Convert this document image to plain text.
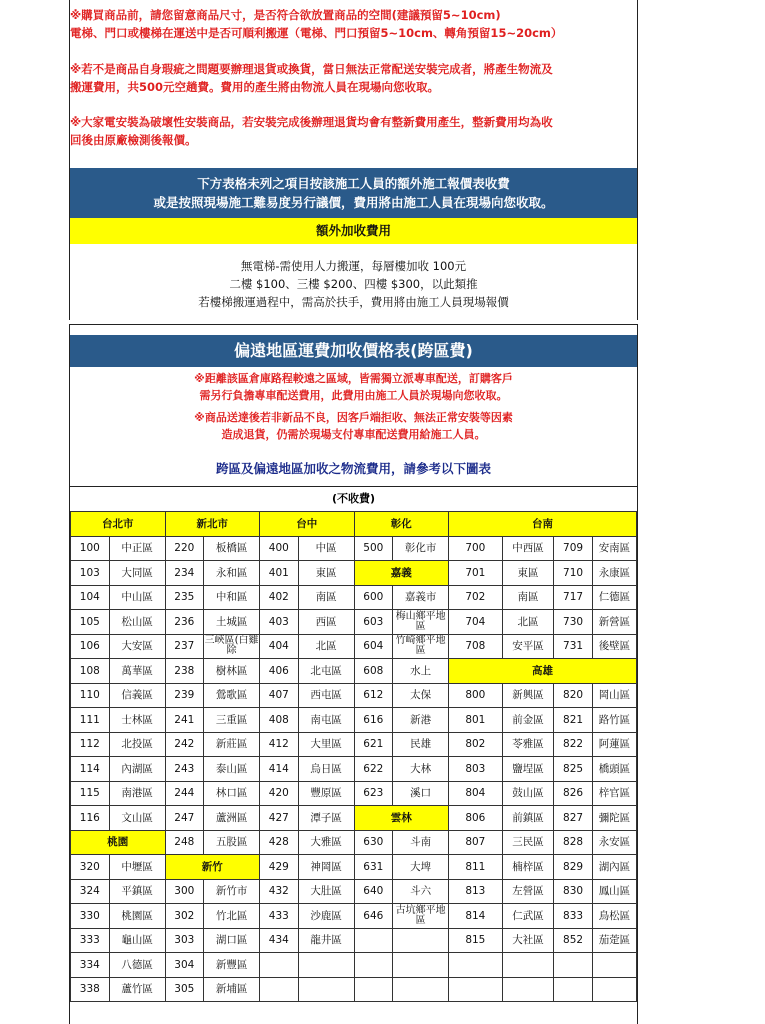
※購買商品前，請您留意商品尺寸，是否符合欲放置商品的空間(建議預留5~10cm)

電梯、門口或樓梯在運送中是否可順利搬運（電梯、門口預留5~10cm、轉角預留15~20cm）

※若不是商品自身瑕疵之問題要辦理退貨或換貨，當日無法正常配送安裝完成者，將產生物流及

搬運費用，共500元空趟費。費用的產生將由物流人員在現場向您收取。

※大家電安裝為破壞性安裝商品，若安裝完成後辦理退貨均會有整新費用產生，整新費用均為收

回後由原廠檢測後報價。

下方表格未列之項目按該施工人員的額外施工報價表收費
或是按照現場施工難易度另行議價，費用將由施工人員在現場向您收取。
額外加收費用
無電梯-需使用人力搬運，每層樓加收 100元
二樓 $100、三樓 $200、四樓 $300，以此類推
若樓梯搬運過程中，需高於扶手，費用將由施工人員現場報價
偏遠地區運費加收價格表(跨區費)

※距離該區倉庫路程較遠之區域，皆需獨立派專車配送，訂購客戶

需另行負擔專車配送費用，此費用由施工人員於現場向您收取。

※商品送達後若非新品不良，因客戶端拒收、無法正常安裝等因素

造成退貨，仍需於現場支付專車配送費用給施工人員。

跨區及偏遠地區加收之物流費用，請參考以下圖表
(不收費)
台北市		新北市		台中		彰化		台南			
100	中正區	220	板橋區	400	中區	500	彰化市	700	中西區	709	安南區
103	大同區	234	永和區	401	東區	嘉義		701	東區	710	永康區
104	中山區	235	中和區	402	南區	600	嘉義市	702	南區	717	仁德區
105	松山區	236	土城區	403	西區	603	梅山鄉平地區	704	北區	730	新營區
106	大安區	237	三峽區(白雞除	404	北區	604	竹崎鄉平地區	708	安平區	731	後壁區
108	萬華區	238	樹林區	406	北屯區	608	水上	高雄			
110	信義區	239	鶯歌區	407	西屯區	612	太保	800	新興區	820	岡山區
111	士林區	241	三重區	408	南屯區	616	新港	801	前金區	821	路竹區
112	北投區	242	新莊區	412	大里區	621	民雄	802	苓雅區	822	阿蓮區
114	內湖區	243	泰山區	414	烏日區	622	大林	803	鹽埕區	825	橋頭區
115	南港區	244	林口區	420	豐原區	623	溪口	804	鼓山區	826	梓官區
116	文山區	247	蘆洲區	427	潭子區	雲林		806	前鎮區	827	彌陀區
桃園		248	五股區	428	大雅區	630	斗南	807	三民區	828	永安區
320	中壢區	新竹		429	神岡區	631	大埤	811	楠梓區	829	湖內區
324	平鎮區	300	新竹市	432	大肚區	640	斗六	813	左營區	830	鳳山區
330	桃園區	302	竹北區	433	沙鹿區	646	古坑鄉平地區	814	仁武區	833	鳥松區
333	龜山區	303	湖口區	434	龍井區			815	大社區	852	茄萣區
334	八德區	304	新豐區								
338	蘆竹區	305	新埔區								
